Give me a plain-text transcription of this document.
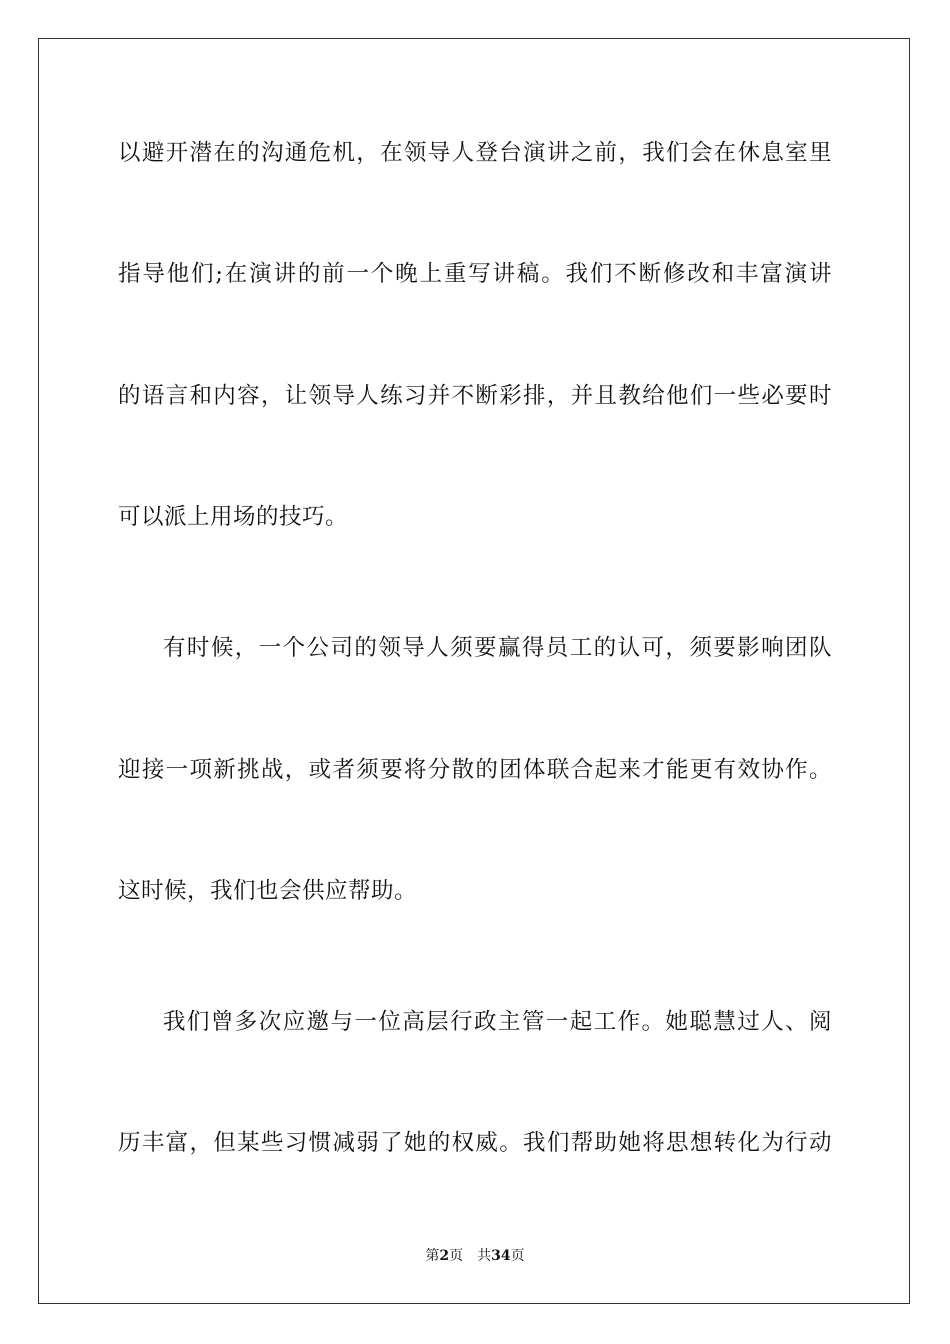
以避开潜在的沟通危机，在领导人登台演讲之前，我们会在休息室里
指导他们;在演讲的前一个晚上重写讲稿。我们不断修改和丰富演讲
的语言和内容，让领导人练习并不断彩排，并且教给他们一些必要时
可以派上用场的技巧。
有时候，一个公司的领导人须要赢得员工的认可，须要影响团队
迎接一项新挑战，或者须要将分散的团体联合起来才能更有效协作。
这时候，我们也会供应帮助。
我们曾多次应邀与一位高层行政主管一起工作。她聪慧过人、阅
历丰富，但某些习惯减弱了她的权威。我们帮助她将思想转化为行动
第2页 共34页
